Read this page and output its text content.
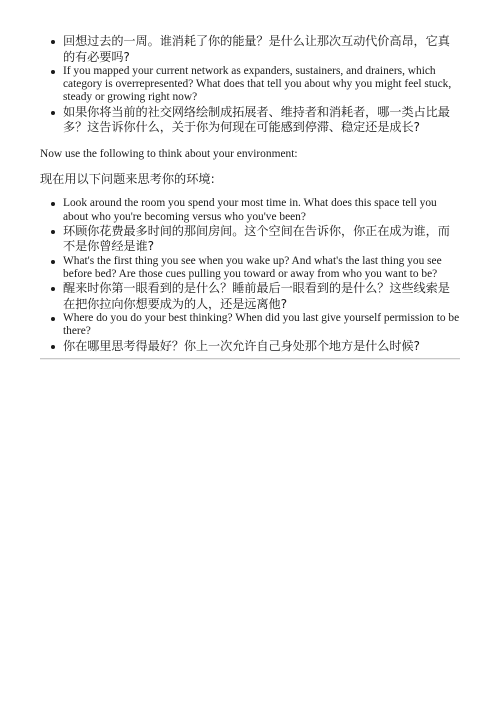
回想过去的一周。谁消耗了你的能量？是什么让那次互动代价高昂，它真的有必要吗?
If you mapped your current network as expanders, sustainers, and drainers, which category is overrepresented? What does that tell you about why you might feel stuck, steady or growing right now?
如果你将当前的社交网络绘制成拓展者、维持者和消耗者，哪一类占比最多？这告诉你什么，关于你为何现在可能感到停滞、稳定还是成长?

Now use the following to think about your environment:

现在用以下问题来思考你的环境:

Look around the room you spend your most time in. What does this space tell you about who you're becoming versus who you've been?
环顾你花费最多时间的那间房间。这个空间在告诉你，你正在成为谁，而不是你曾经是谁?
What's the first thing you see when you wake up? And what's the last thing you see before bed? Are those cues pulling you toward or away from who you want to be?
醒来时你第一眼看到的是什么？睡前最后一眼看到的是什么？这些线索是在把你拉向你想要成为的人，还是远离他?
Where do you do your best thinking? When did you last give yourself permission to be there?
你在哪里思考得最好？你上一次允许自己身处那个地方是什么时候?
